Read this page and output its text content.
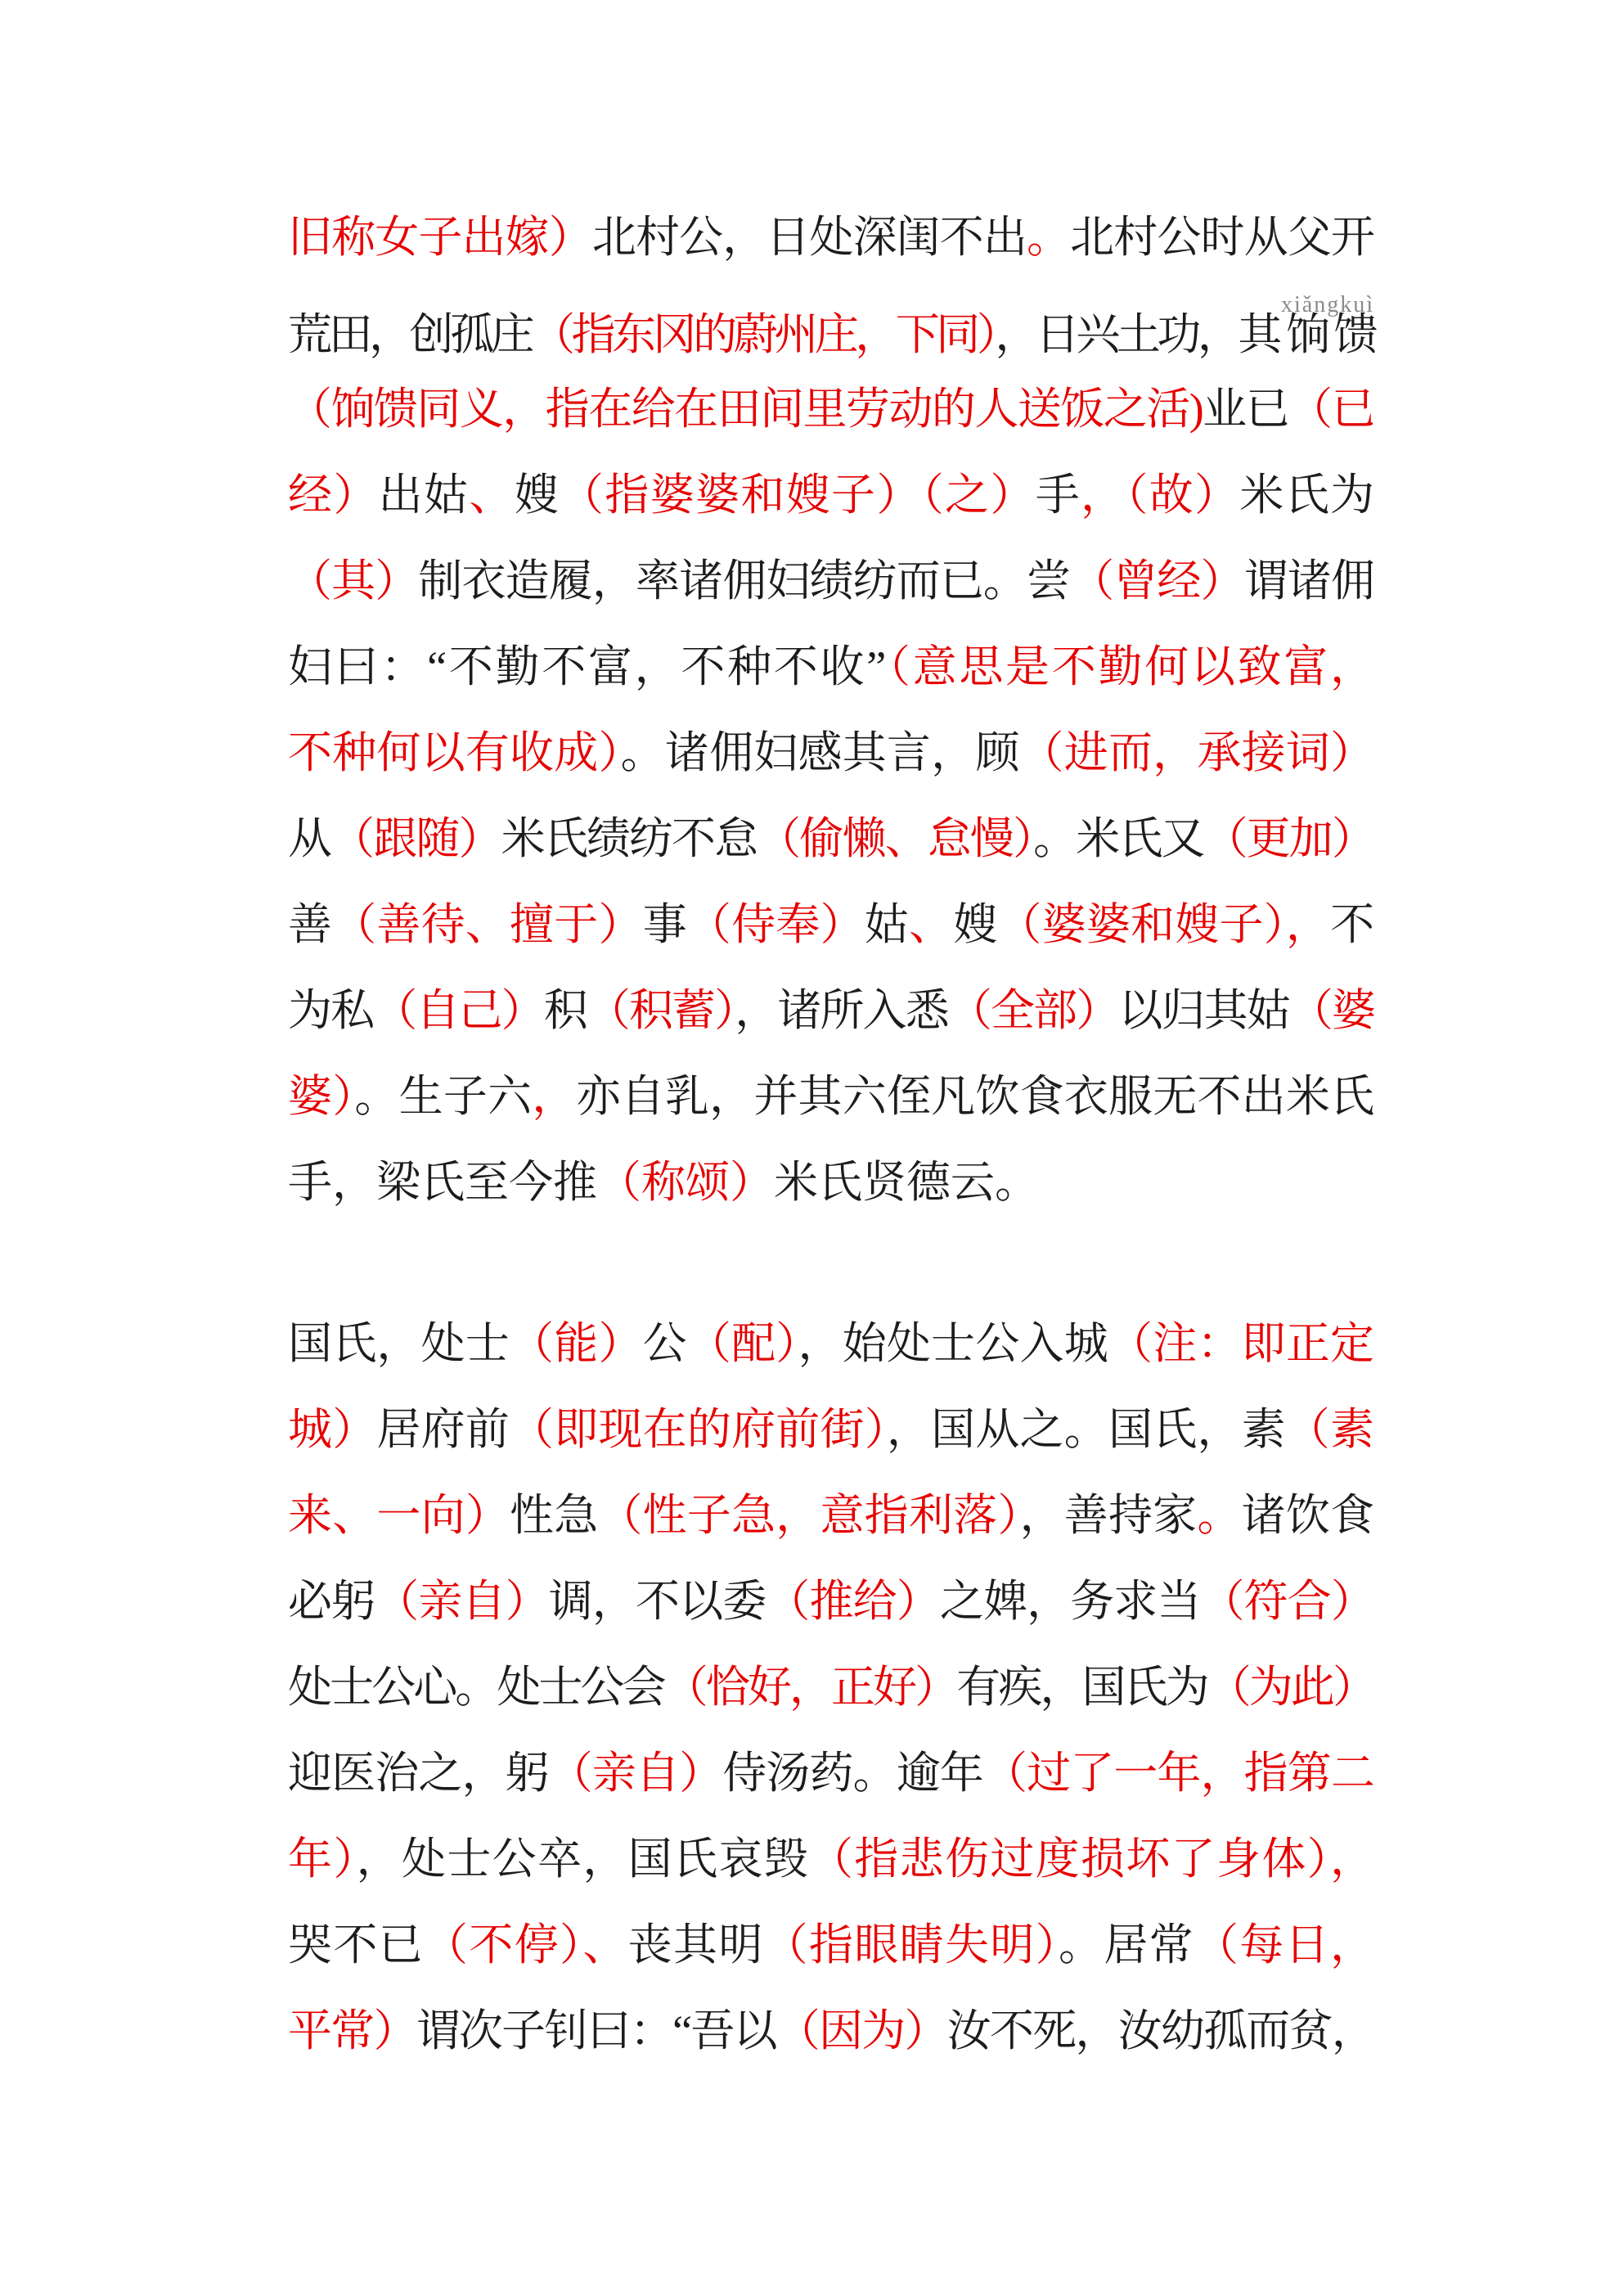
旧称女子出嫁）北村公，日处深闺不出。北村公时从父开
荒田，创孤庄（指东冈的蔚州庄，下同），日兴土功，其 饷 馈
xiǎngkuì
（饷馈同义，指在给在田间里劳动的人送饭之活)业已（已
经）出姑、嫂（指婆婆和嫂子）（之）手，（故）米氏为
（其）制衣造履，率诸佣妇绩纺而已。尝（曾经）谓诸佣
妇曰：“不勤不富，不种不收”（意思是不勤何以致富，
不种何以有收成）。诸佣妇感其言，顾（进而，承接词）
从（跟随）米氏绩纺不怠（偷懒、怠慢）。米氏又（更加）
善（善待、擅于）事（侍奉）姑、嫂（婆婆和嫂子），不
为私（自己）积（积蓄），诸所入悉（全部）以归其姑（婆
婆）。生子六，亦自乳，并其六侄凡饮食衣服无不出米氏
手，梁氏至今推（称颂）米氏贤德云。
国氏，处士（能）公（配），始处士公入城（注：即正定
城）居府前（即现在的府前街），国从之。国氏，素（素
来、一向）性急（性子急，意指利落），善持家。诸饮食
必躬（亲自）调，不以委（推给）之婢，务求当（符合）
处士公心。处士公会（恰好，正好）有疾，国氏为（为此）
迎医治之，躬（亲自）侍汤药。逾年（过了一年，指第二
年），处士公卒，国氏哀毁（指悲伤过度损坏了身体），
哭不已（不停）、丧其明（指眼睛失明）。居常（每日，
平常）谓次子钊曰：“吾以（因为）汝不死，汝幼孤而贫，
